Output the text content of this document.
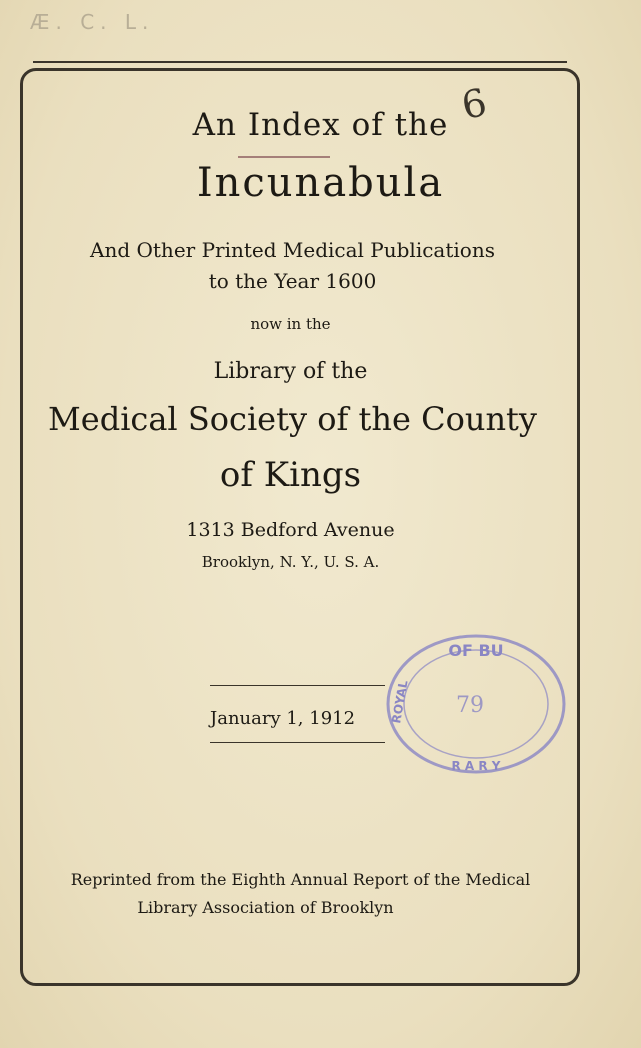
Æ. C. L.
6

An Index of the

Incunabula

And Other Printed Medical Publications

to the Year 1600

now in the

Library of the

Medical Society of the County

of Kings

1313 Bedford Avenue

Brooklyn, N. Y., U. S. A.

January 1, 1912
OF BU
ROYAL
R A R Y
79

Reprinted from the Eighth Annual Report of the Medical

Library Association of Brooklyn
